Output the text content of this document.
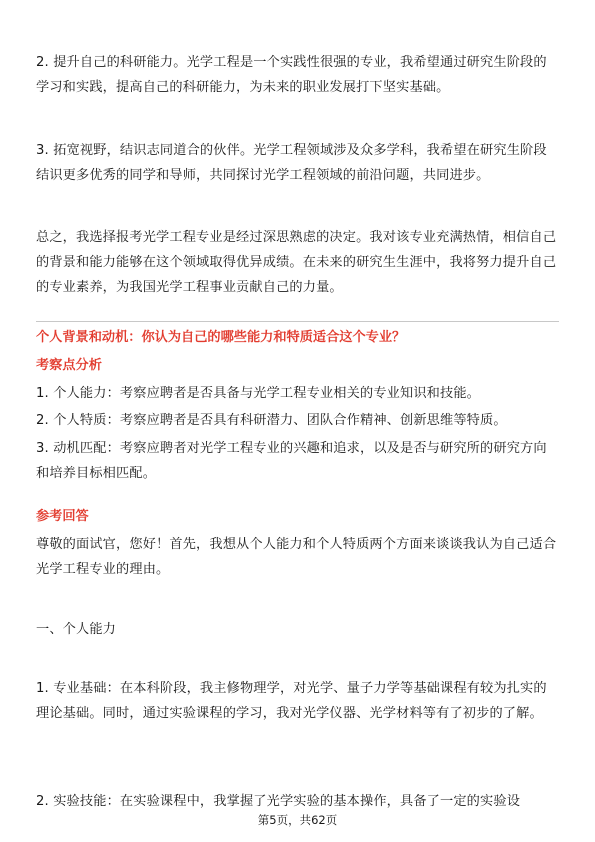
2. 提升自己的科研能力。光学工程是一个实践性很强的专业，我希望通过研究生阶段的学习和实践，提高自己的科研能力，为未来的职业发展打下坚实基础。

3. 拓宽视野，结识志同道合的伙伴。光学工程领域涉及众多学科，我希望在研究生阶段结识更多优秀的同学和导师，共同探讨光学工程领域的前沿问题，共同进步。

总之，我选择报考光学工程专业是经过深思熟虑的决定。我对该专业充满热情，相信自己的背景和能力能够在这个领域取得优异成绩。在未来的研究生生涯中，我将努力提升自己的专业素养，为我国光学工程事业贡献自己的力量。

个人背景和动机：你认为自己的哪些能力和特质适合这个专业？

考察点分析

1. 个人能力：考察应聘者是否具备与光学工程专业相关的专业知识和技能。

2. 个人特质：考察应聘者是否具有科研潜力、团队合作精神、创新思维等特质。

3. 动机匹配：考察应聘者对光学工程专业的兴趣和追求，以及是否与研究所的研究方向和培养目标相匹配。

参考回答

尊敬的面试官，您好！首先，我想从个人能力和个人特质两个方面来谈谈我认为自己适合光学工程专业的理由。

一、个人能力

1. 专业基础：在本科阶段，我主修物理学，对光学、量子力学等基础课程有较为扎实的理论基础。同时，通过实验课程的学习，我对光学仪器、光学材料等有了初步的了解。

2. 实验技能：在实验课程中，我掌握了光学实验的基本操作，具备了一定的实验设

第5页，共62页
